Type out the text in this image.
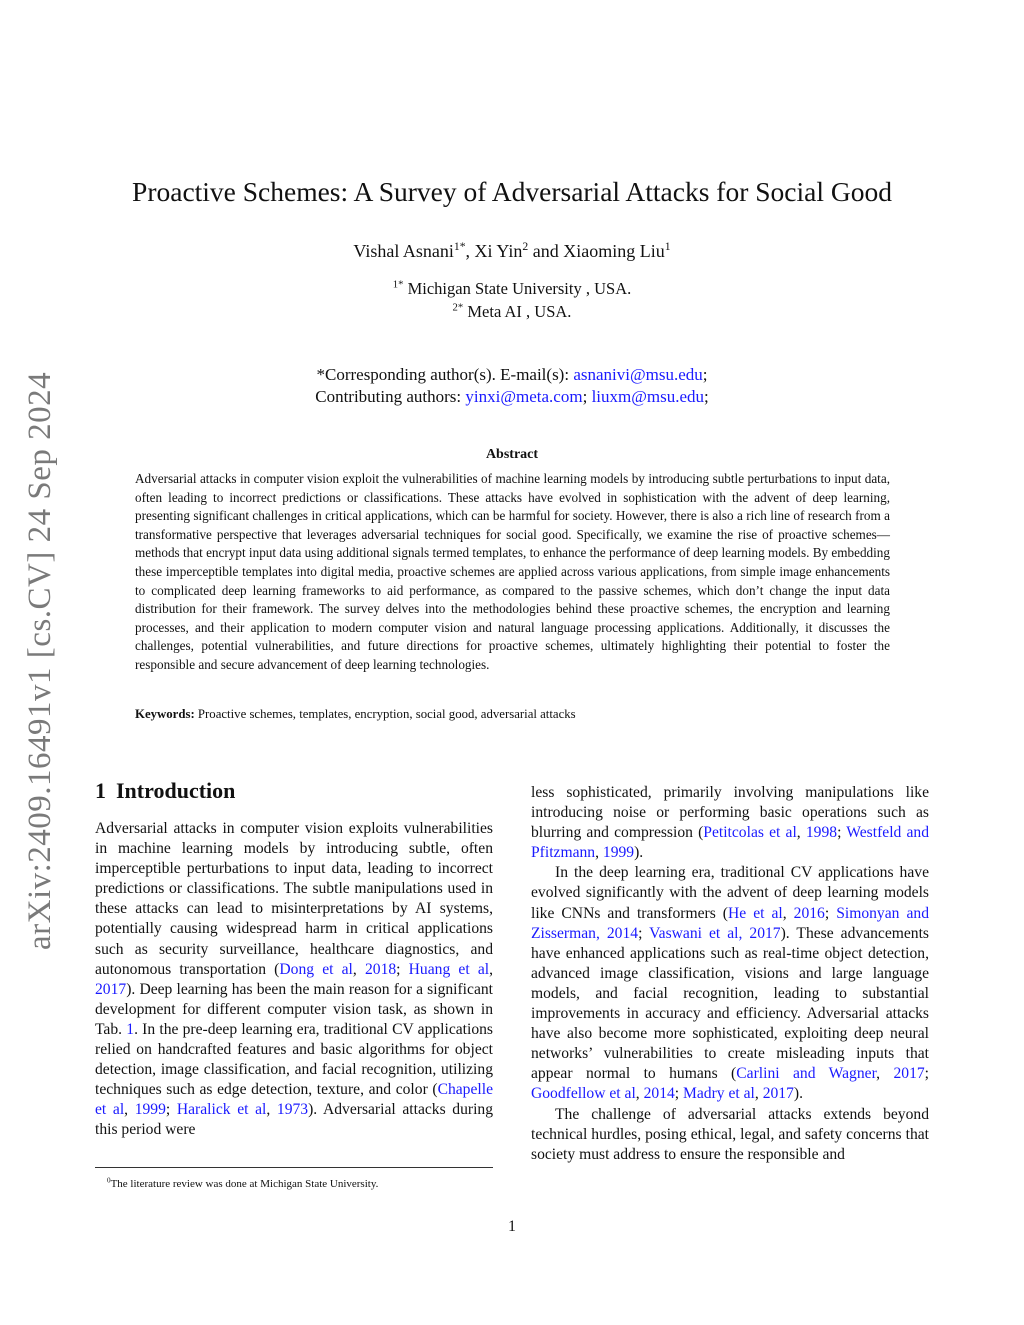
arXiv:2409.16491v1 [cs.CV] 24 Sep 2024
Proactive Schemes: A Survey of Adversarial Attacks for Social Good
Vishal Asnani$^{1*}$, Xi Yin$^2$ and Xiaoming Liu$^1$
$^{1*}$ Michigan State University , USA.
$^{2*}$ Meta AI , USA.
*Corresponding author(s). E-mail(s): asnanivi@msu.edu;
Contributing authors: yinxi@meta.com; liuxm@msu.edu;
Abstract
Adversarial attacks in computer vision exploit the vulnerabilities of machine learning models by introducing subtle perturbations to input data, often leading to incorrect predictions or classifications. These attacks have evolved in sophistication with the advent of deep learning, presenting significant challenges in critical applications, which can be harmful for society. However, there is also a rich line of research from a transformative perspective that leverages adversarial techniques for social good. Specifically, we examine the rise of proactive schemes—methods that encrypt input data using additional signals termed templates, to enhance the performance of deep learning models. By embedding these imperceptible templates into digital media, proactive schemes are applied across various applications, from simple image enhancements to complicated deep learning frameworks to aid performance, as compared to the passive schemes, which don’t change the input data distribution for their framework. The survey delves into the methodologies behind these proactive schemes, the encryption and learning processes, and their application to modern computer vision and natural language processing applications. Additionally, it discusses the challenges, potential vulnerabilities, and future directions for proactive schemes, ultimately highlighting their potential to foster the responsible and secure advancement of deep learning technologies.
Keywords: Proactive schemes, templates, encryption, social good, adversarial attacks
1 Introduction

Adversarial attacks in computer vision exploits vulnerabilities in machine learning models by introducing subtle, often imperceptible perturbations to input data, leading to incorrect predictions or classifications. The subtle manipulations used in these attacks can lead to misinterpretations by AI systems, potentially causing widespread harm in critical applications such as security surveillance, healthcare diagnostics, and autonomous transportation (Dong et al, 2018; Huang et al, 2017). Deep learning has been the main reason for a significant development for different computer vision task, as shown in Tab. 1. In the pre-deep learning era, traditional CV applications relied on handcrafted features and basic algorithms for object detection, image classification, and facial recognition, utilizing techniques such as edge detection, texture, and color (Chapelle et al, 1999; Haralick et al, 1973). Adversarial attacks during this period were

less sophisticated, primarily involving manipulations like introducing noise or performing basic operations such as blurring and compression (Petitcolas et al, 1998; Westfeld and Pfitzmann, 1999).

In the deep learning era, traditional CV applications have evolved significantly with the advent of deep learning models like CNNs and transformers (He et al, 2016; Simonyan and Zisserman, 2014; Vaswani et al, 2017). These advancements have enhanced applications such as real-time object detection, advanced image classification, visions and large language models, and facial recognition, leading to substantial improvements in accuracy and efficiency. Adversarial attacks have also become more sophisticated, exploiting deep neural networks’ vulnerabilities to create misleading inputs that appear normal to humans (Carlini and Wagner, 2017; Goodfellow et al, 2014; Madry et al, 2017).

The challenge of adversarial attacks extends beyond technical hurdles, posing ethical, legal, and safety concerns that society must address to ensure the responsible and

$^0$The literature review was done at Michigan State University.
1
